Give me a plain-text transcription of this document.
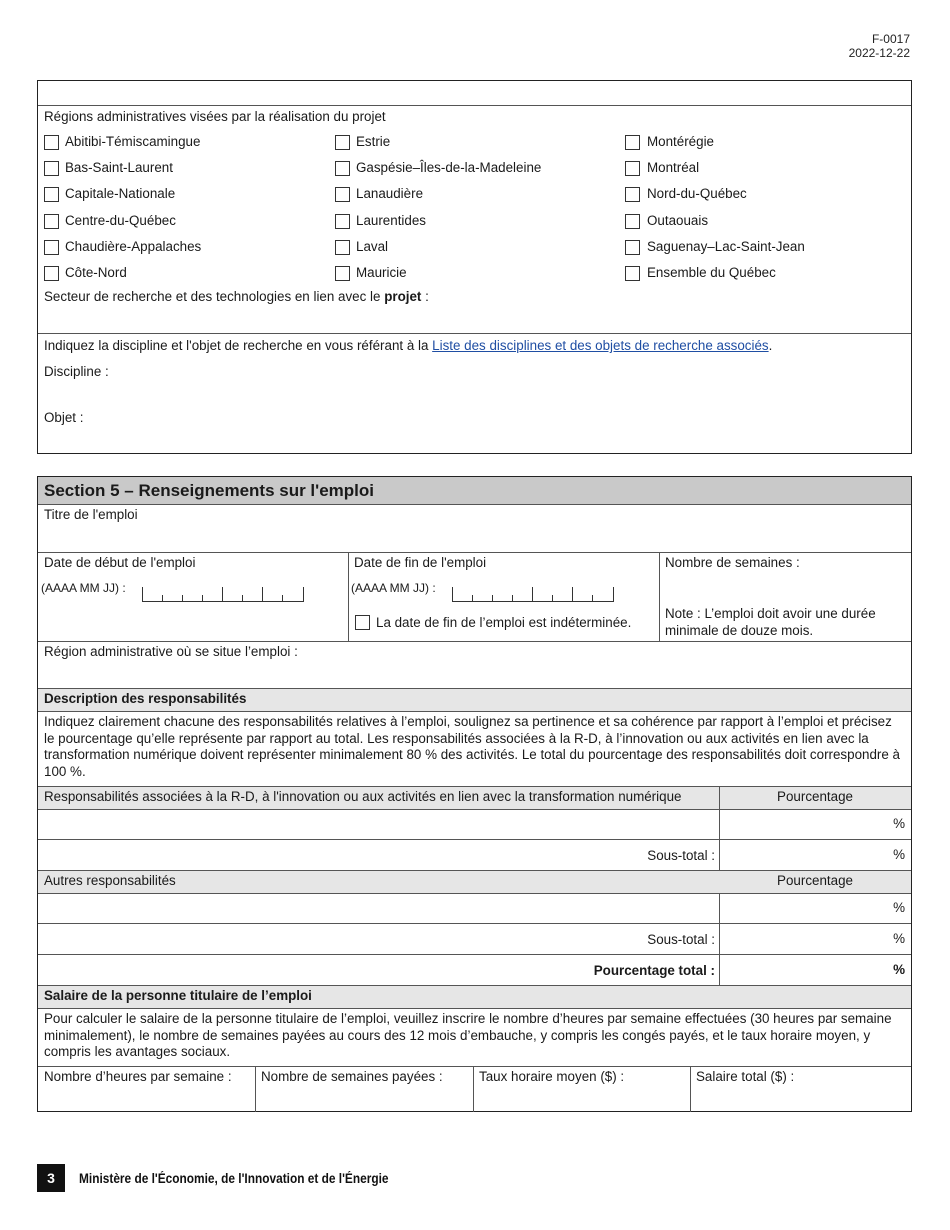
F-0017
2022-12-22
Régions administratives visées par la réalisation du projet
Abitibi-Témiscamingue
Bas-Saint-Laurent
Capitale-Nationale
Centre-du-Québec
Chaudière-Appalaches
Côte-Nord
Estrie
Gaspésie–Îles-de-la-Madeleine
Lanaudière
Laurentides
Laval
Mauricie
Montérégie
Montréal
Nord-du-Québec
Outaouais
Saguenay–Lac-Saint-Jean
Ensemble du Québec
Secteur de recherche et des technologies en lien avec le projet :
Indiquez la discipline et l'objet de recherche en vous référant à la Liste des disciplines et des objets de recherche associés.
Discipline :
Objet :
Section 5 – Renseignements sur l'emploi
Titre de l'emploi
Date de début de l'emploi
(AAAA MM JJ) :
Date de fin de l'emploi
(AAAA MM JJ) :
La date de fin de l’emploi est indéterminée.
Nombre de semaines :
Note : L’emploi doit avoir une durée minimale de douze mois.
Région administrative où se situe l’emploi :
Description des responsabilités
Indiquez clairement chacune des responsabilités relatives à l’emploi, soulignez sa pertinence et sa cohérence par rapport à l’emploi et précisez le pourcentage qu’elle représente par rapport au total. Les responsabilités associées à la R-D, à l’innovation ou aux activités en lien avec la transformation numérique doivent représenter minimalement 80 % des activités. Le total du pourcentage des responsabilités doit correspondre à 100 %.
Responsabilités associées à la R-D, à l'innovation ou aux activités en lien avec la transformation numérique	Pourcentage
%
Sous-total :	%
Autres responsabilités	Pourcentage
%
Sous-total :	%
Pourcentage total :	%
Salaire de la personne titulaire de l’emploi
Pour calculer le salaire de la personne titulaire de l’emploi, veuillez inscrire le nombre d’heures par semaine effectuées (30 heures par semaine minimalement), le nombre de semaines payées au cours des 12 mois d’embauche, y compris les congés payés, et le taux horaire moyen, y compris les avantages sociaux.
Nombre d’heures par semaine : Nombre de semaines payées :	Taux horaire moyen ($) :	Salaire total ($) :
3	Ministère de l'Économie, de l'Innovation et de l'Énergie
